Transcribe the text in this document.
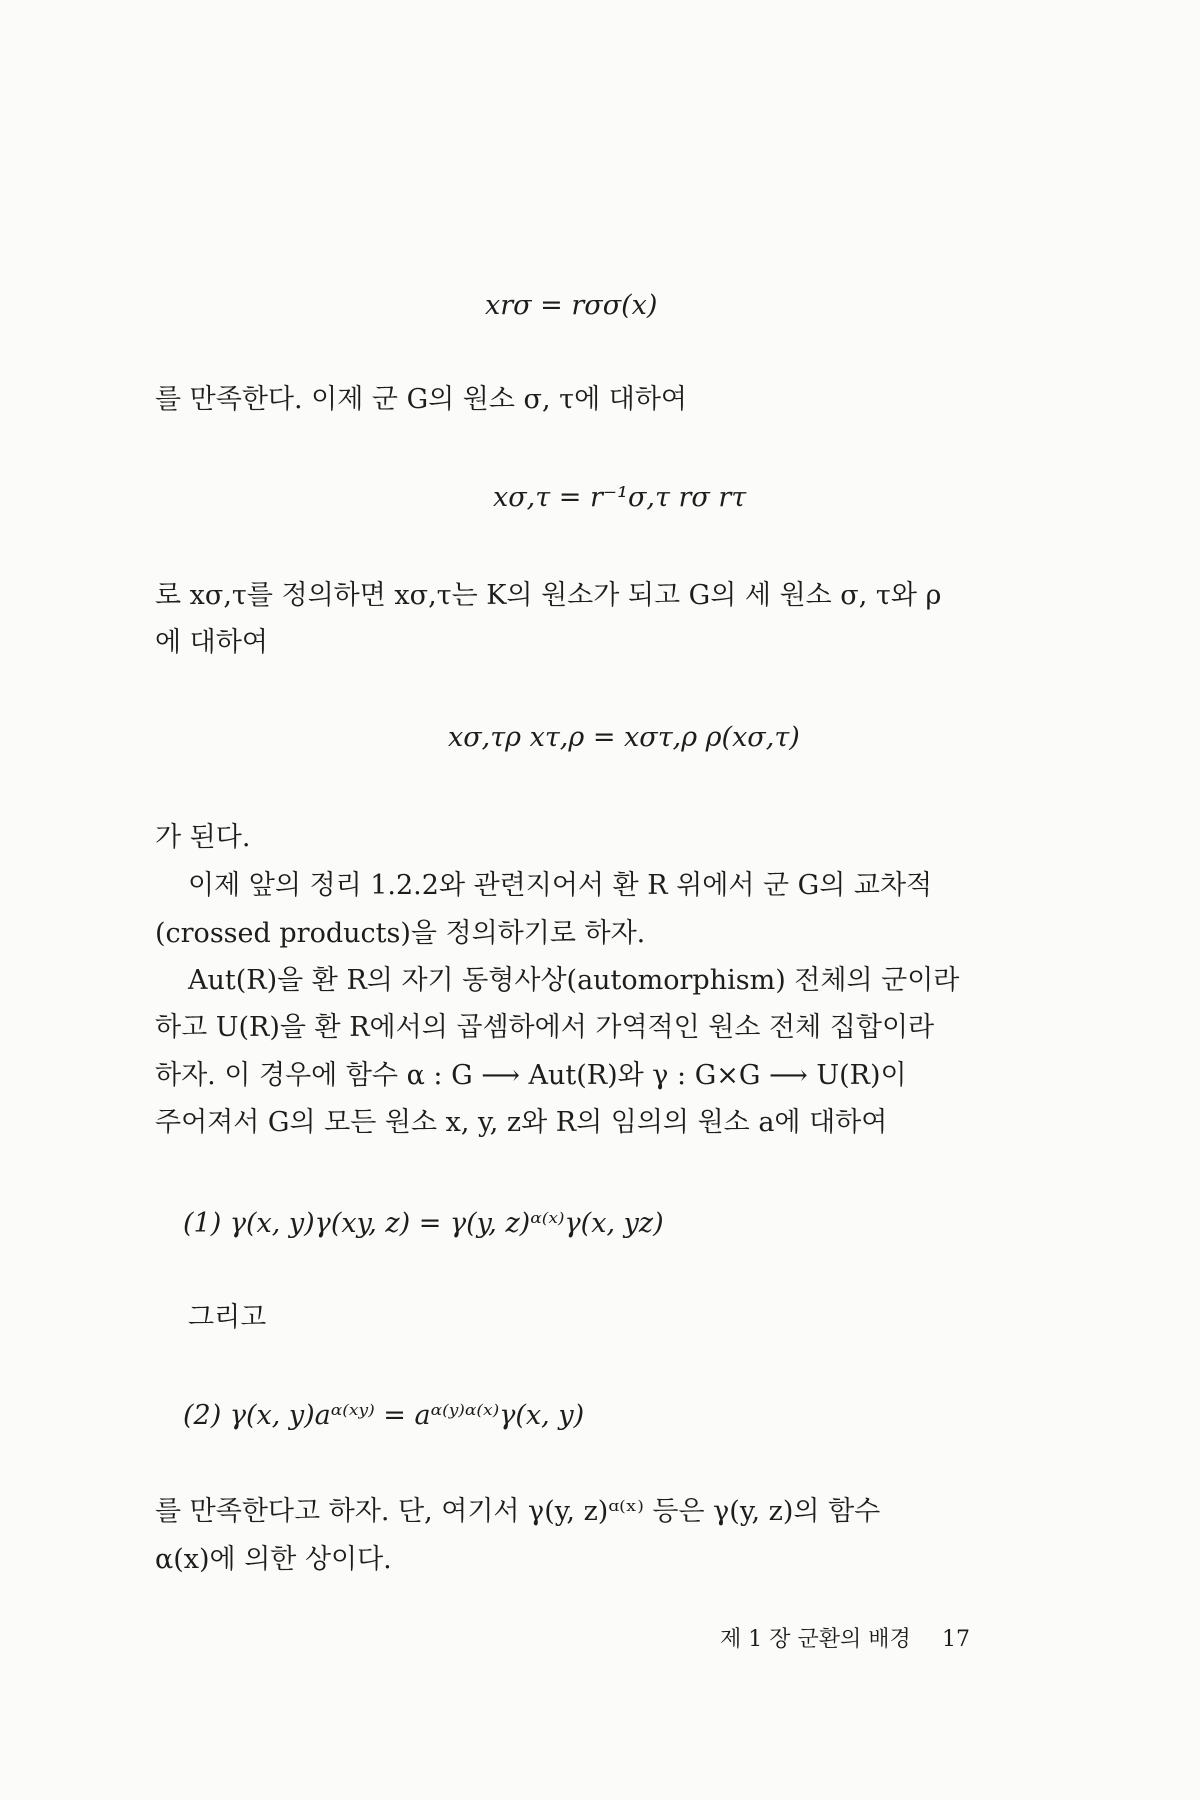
xrσ = rσσ(x)
를 만족한다. 이제 군 G의 원소 σ, τ에 대하여
xσ,τ = r⁻¹σ,τ rσ rτ
로 xσ,τ를 정의하면 xσ,τ는 K의 원소가 되고 G의 세 원소 σ, τ와 ρ
에 대하여
xσ,τρ xτ,ρ = xστ,ρ ρ(xσ,τ)
가 된다.
이제 앞의 정리 1.2.2와 관련지어서 환 R 위에서 군 G의 교차적
(crossed products)을 정의하기로 하자.
Aut(R)을 환 R의 자기 동형사상(automorphism) 전체의 군이라
하고 U(R)을 환 R에서의 곱셈하에서 가역적인 원소 전체 집합이라
하자. 이 경우에 함수 α : G ⟶ Aut(R)와 γ : G×G ⟶ U(R)이
주어져서 G의 모든 원소 x, y, z와 R의 임의의 원소 a에 대하여
(1) γ(x, y)γ(xy, z) = γ(y, z)ᵅ⁽ˣ⁾γ(x, yz)
그리고
(2) γ(x, y)aᵅ⁽ˣʸ⁾ = aᵅ⁽ʸ⁾ᵅ⁽ˣ⁾γ(x, y)
를 만족한다고 하자. 단, 여기서 γ(y, z)ᵅ⁽ˣ⁾ 등은 γ(y, z)의 함수
α(x)에 의한 상이다.
제 1 장 군환의 배경 17
